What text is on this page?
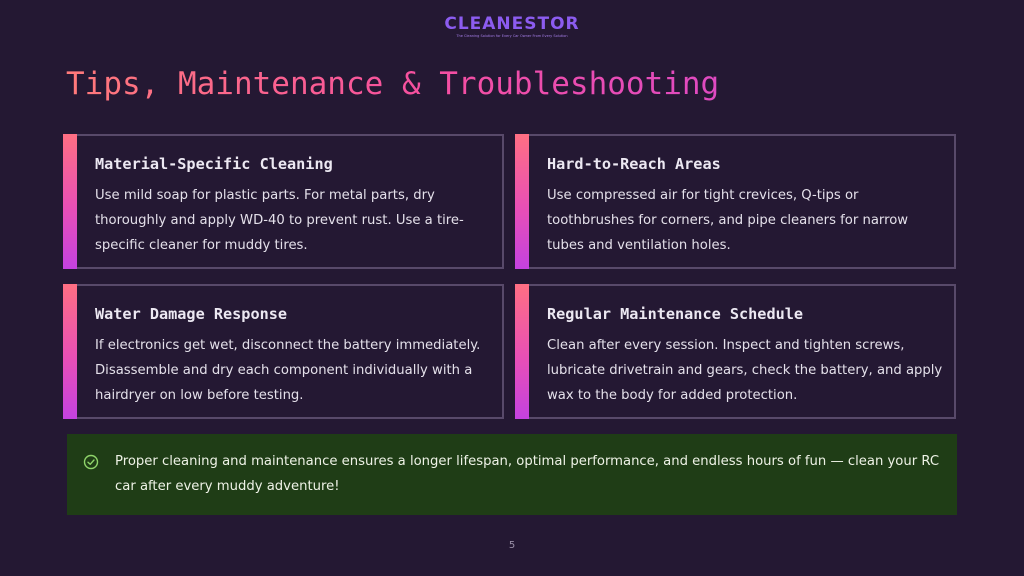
CLEANESTOR
The Cleaning Solution for Every Car Owner From Every Solution
Tips, Maintenance & Troubleshooting
Material-Specific Cleaning

Use mild soap for plastic parts. For metal parts, dry thoroughly and apply WD-40 to prevent rust. Use a tire-specific cleaner for muddy tires.

Hard-to-Reach Areas

Use compressed air for tight crevices, Q-tips or toothbrushes for corners, and pipe cleaners for narrow tubes and ventilation holes.

Water Damage Response

If electronics get wet, disconnect the battery immediately. Disassemble and dry each component individually with a hairdryer on low before testing.

Regular Maintenance Schedule

Clean after every session. Inspect and tighten screws, lubricate drivetrain and gears, check the battery, and apply wax to the body for added protection.

Proper cleaning and maintenance ensures a longer lifespan, optimal performance, and endless hours of fun — clean your RC car after every muddy adventure!

5
